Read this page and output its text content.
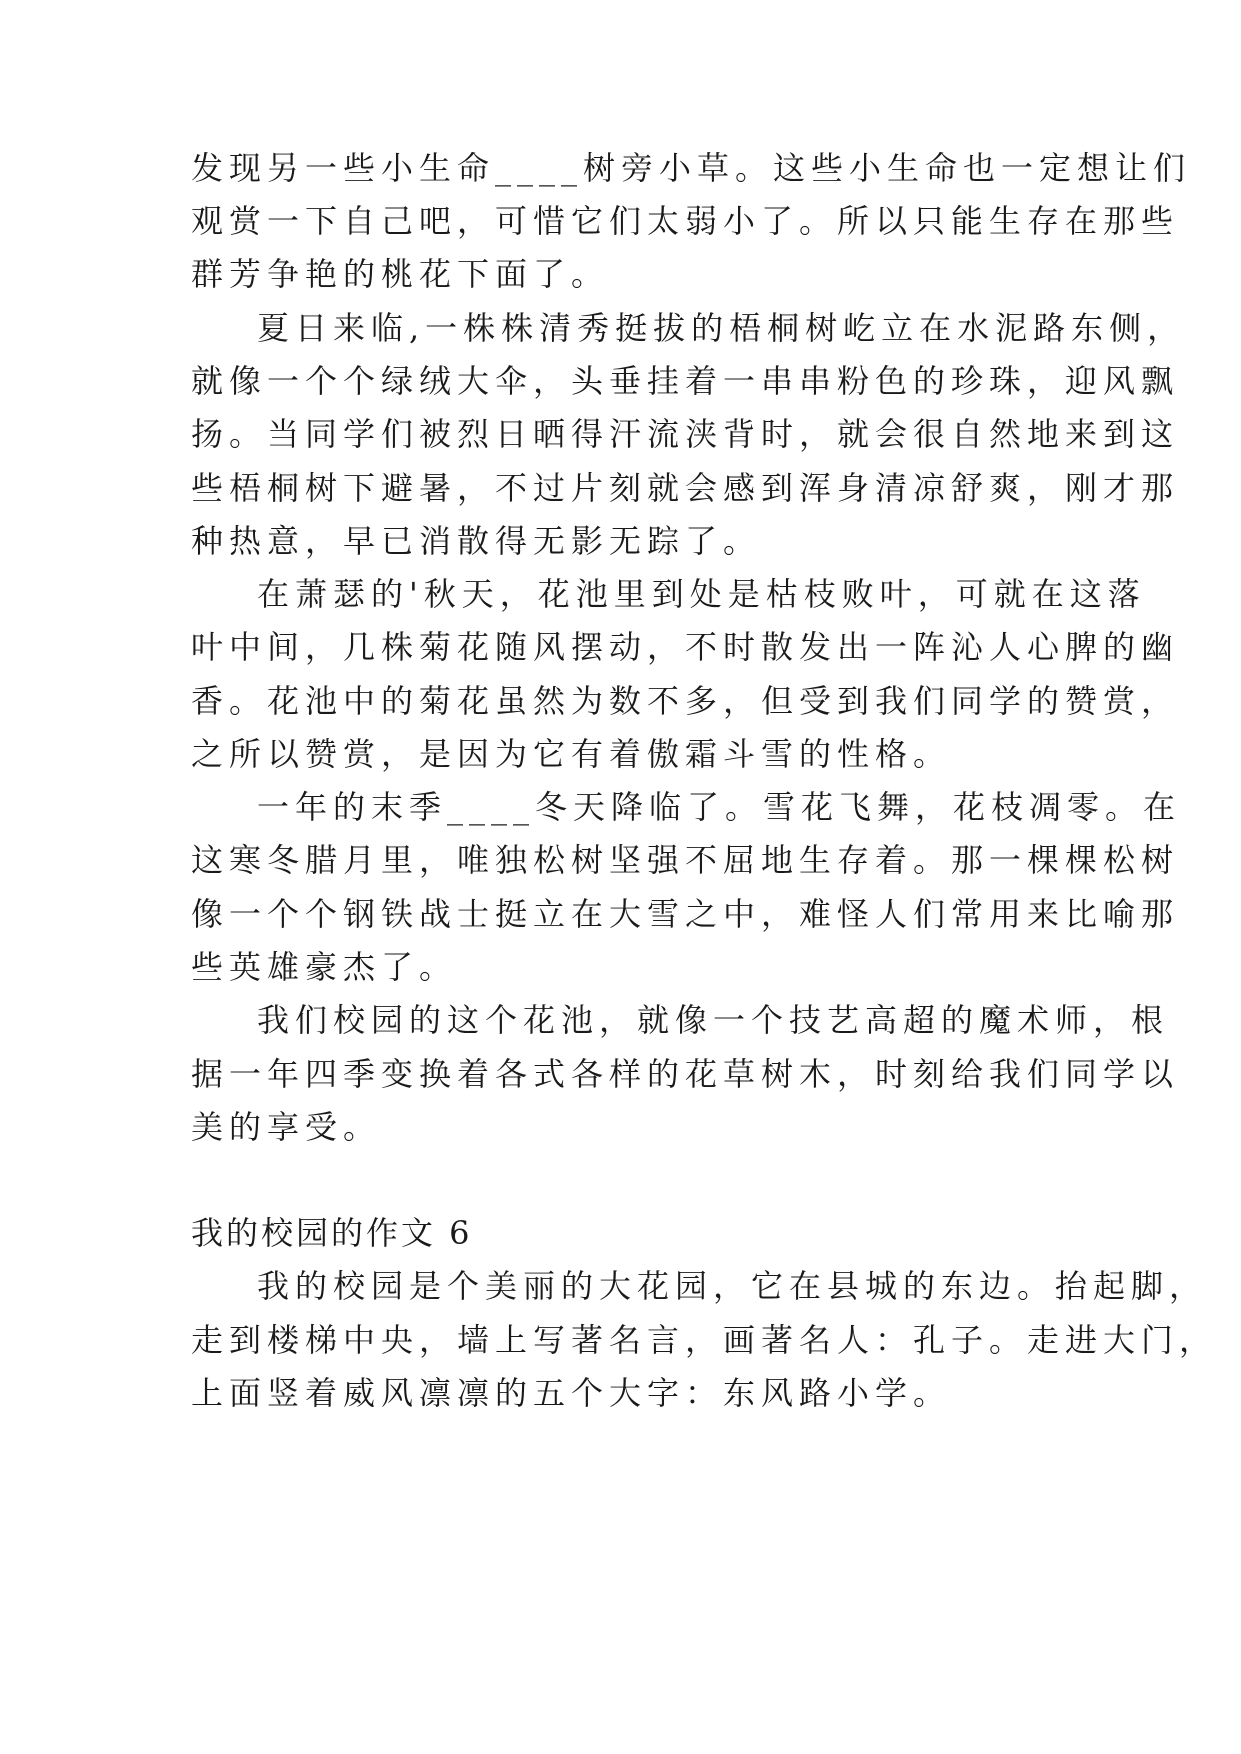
发现另一些小生命____树旁小草。这些小生命也一定想让们
观赏一下自己吧，可惜它们太弱小了。所以只能生存在那些
群芳争艳的桃花下面了。
夏日来临,一株株清秀挺拔的梧桐树屹立在水泥路东侧，
就像一个个绿绒大伞，头垂挂着一串串粉色的珍珠，迎风飘
扬。当同学们被烈日晒得汗流浃背时，就会很自然地来到这
些梧桐树下避暑，不过片刻就会感到浑身清凉舒爽，刚才那
种热意，早已消散得无影无踪了。
在萧瑟的'秋天，花池里到处是枯枝败叶，可就在这落
叶中间，几株菊花随风摆动，不时散发出一阵沁人心脾的幽
香。花池中的菊花虽然为数不多，但受到我们同学的赞赏，
之所以赞赏，是因为它有着傲霜斗雪的性格。
一年的末季____冬天降临了。雪花飞舞，花枝凋零。在
这寒冬腊月里，唯独松树坚强不屈地生存着。那一棵棵松树
像一个个钢铁战士挺立在大雪之中，难怪人们常用来比喻那
些英雄豪杰了。
我们校园的这个花池，就像一个技艺高超的魔术师，根
据一年四季变换着各式各样的花草树木，时刻给我们同学以
美的享受。
我的校园的作文 6
我的校园是个美丽的大花园，它在县城的东边。抬起脚，
走到楼梯中央，墙上写著名言，画著名人：孔子。走进大门，
上面竖着威风凛凛的五个大字：东风路小学。
